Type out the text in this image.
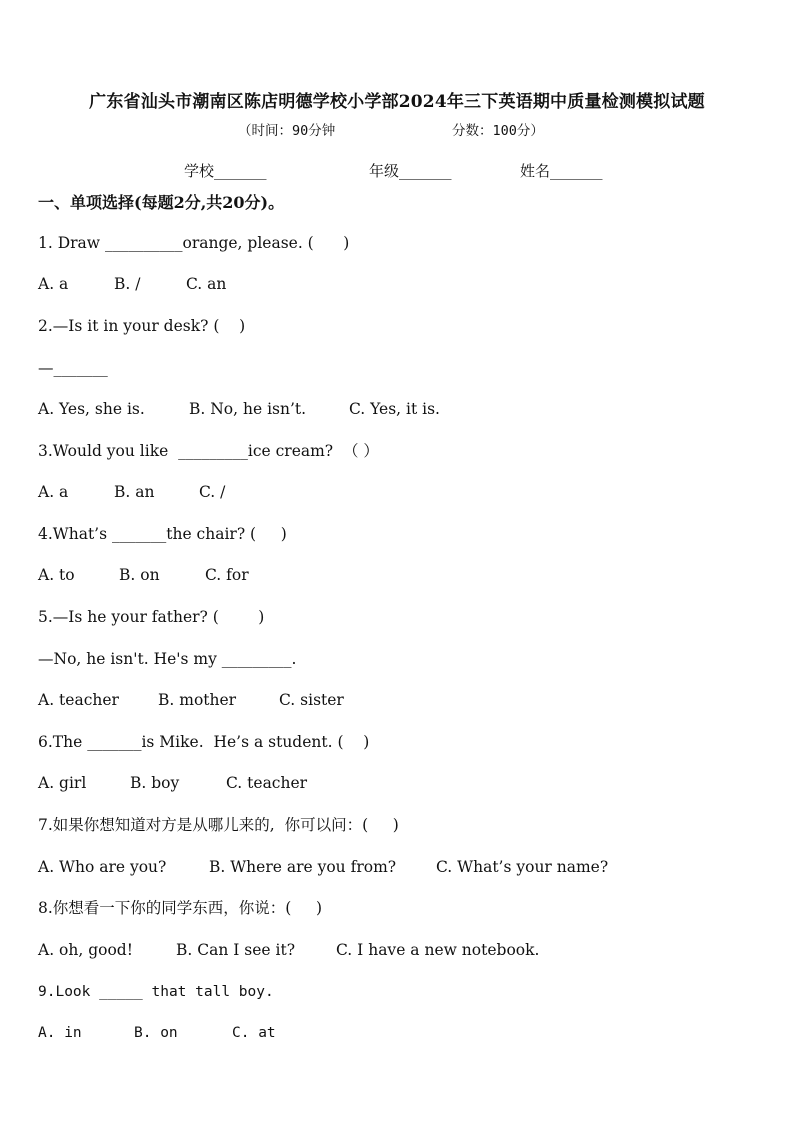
广东省汕头市潮南区陈店明德学校小学部2024年三下英语期中质量检测模拟试题
（时间：90分钟	分数：100分）
学校_______	年级_______	姓名_______
一、单项选择(每题2分,共20分)。
1. Draw __________orange, please. (      )
A. a	B. /	C. an
2.—Is it in your desk? (    )
—_______
A. Yes, she is.	B. No, he isn’t.	C. Yes, it is.
3.Would you like  _________ice cream?  （ ）
A. a	B. an	C. /
4.What’s _______the chair? (     )
A. to	B. on	C. for
5.—Is he your father? (        )
—No, he isn't. He's my _________.
A. teacher	B. mother	C. sister
6.The _______is Mike.  He’s a student. (    )
A. girl	B. boy	C. teacher
7.如果你想知道对方是从哪儿来的,  你可以问：(     )
A. Who are you?	B. Where are you from?	C. What’s your name?
8.你想看一下你的同学东西，你说：(     )
A. oh, good!	B. Can I see it?	C. I have a new notebook.
9.Look _____ that tall boy.
A. in	B. on	C. at
